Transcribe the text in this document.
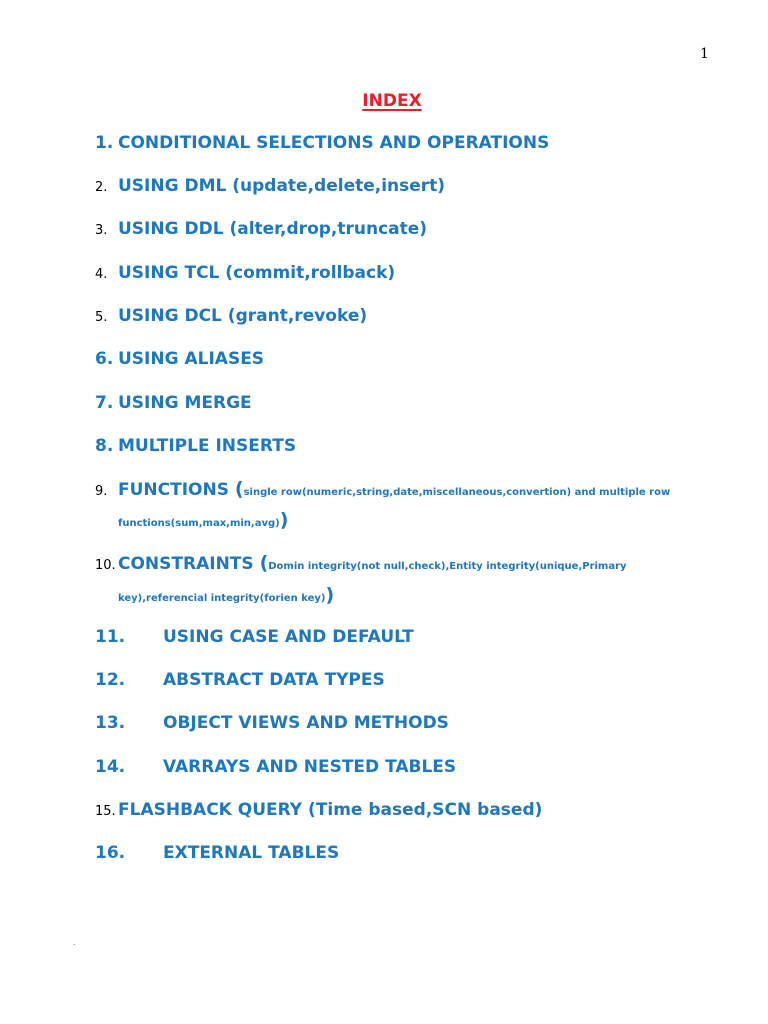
1
INDEX
1. CONDITIONAL SELECTIONS AND OPERATIONS
2. USING DML (update,delete,insert)
3. USING DDL (alter,drop,truncate)
4. USING TCL (commit,rollback)
5. USING DCL (grant,revoke)
6. USING ALIASES
7. USING MERGE
8. MULTIPLE INSERTS
9. FUNCTIONS (single row(numeric,string,date,miscellaneous,convertion) and multiple row
functions(sum,max,min,avg))
10. CONSTRAINTS (Domin integrity(not null,check),Entity integrity(unique,Primary
key),referencial integrity(forien key))
11. USING CASE AND DEFAULT
12. ABSTRACT DATA TYPES
13. OBJECT VIEWS AND METHODS
14. VARRAYS AND NESTED TABLES
15. FLASHBACK QUERY (Time based,SCN based)
16. EXTERNAL TABLES
.
